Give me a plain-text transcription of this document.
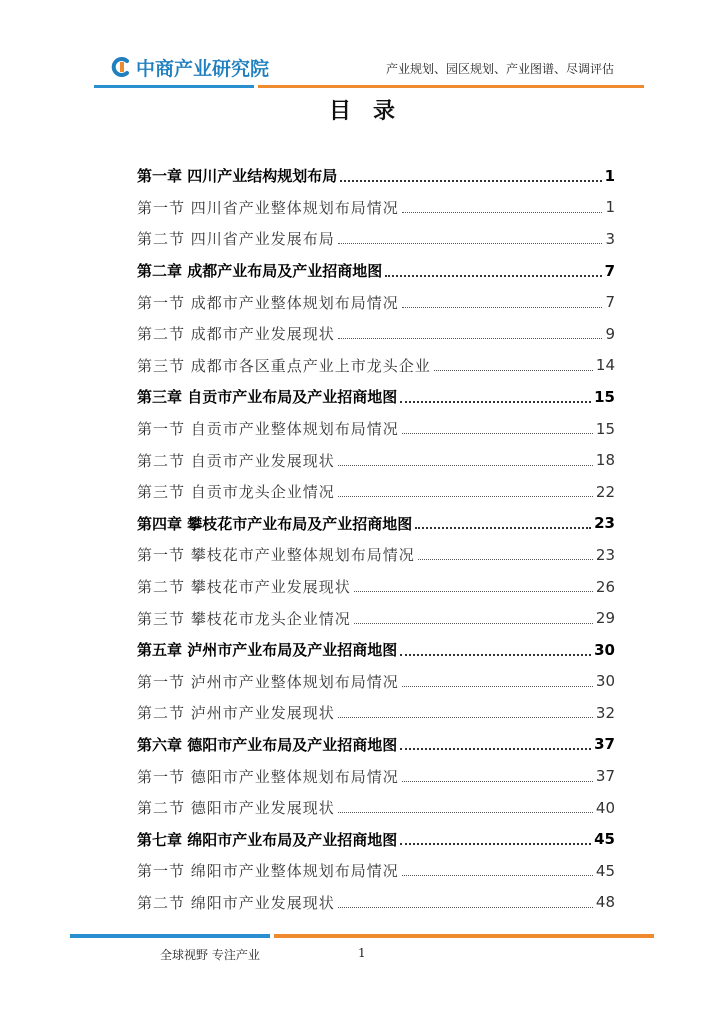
中商产业研究院	产业规划、园区规划、产业图谱、尽调评估
目录
第一章 四川产业结构规划布局	1
第一节 四川省产业整体规划布局情况	1
第二节 四川省产业发展布局	3
第二章 成都产业布局及产业招商地图	7
第一节 成都市产业整体规划布局情况	7
第二节 成都市产业发展现状	9
第三节 成都市各区重点产业上市龙头企业	14
第三章 自贡市产业布局及产业招商地图	15
第一节 自贡市产业整体规划布局情况	15
第二节 自贡市产业发展现状	18
第三节 自贡市龙头企业情况	22
第四章 攀枝花市产业布局及产业招商地图	23
第一节 攀枝花市产业整体规划布局情况	23
第二节 攀枝花市产业发展现状	26
第三节 攀枝花市龙头企业情况	29
第五章 泸州市产业布局及产业招商地图	30
第一节 泸州市产业整体规划布局情况	30
第二节 泸州市产业发展现状	32
第六章 德阳市产业布局及产业招商地图	37
第一节 德阳市产业整体规划布局情况	37
第二节 德阳市产业发展现状	40
第七章 绵阳市产业布局及产业招商地图	45
第一节 绵阳市产业整体规划布局情况	45
第二节 绵阳市产业发展现状	48
全球视野 专注产业	1
